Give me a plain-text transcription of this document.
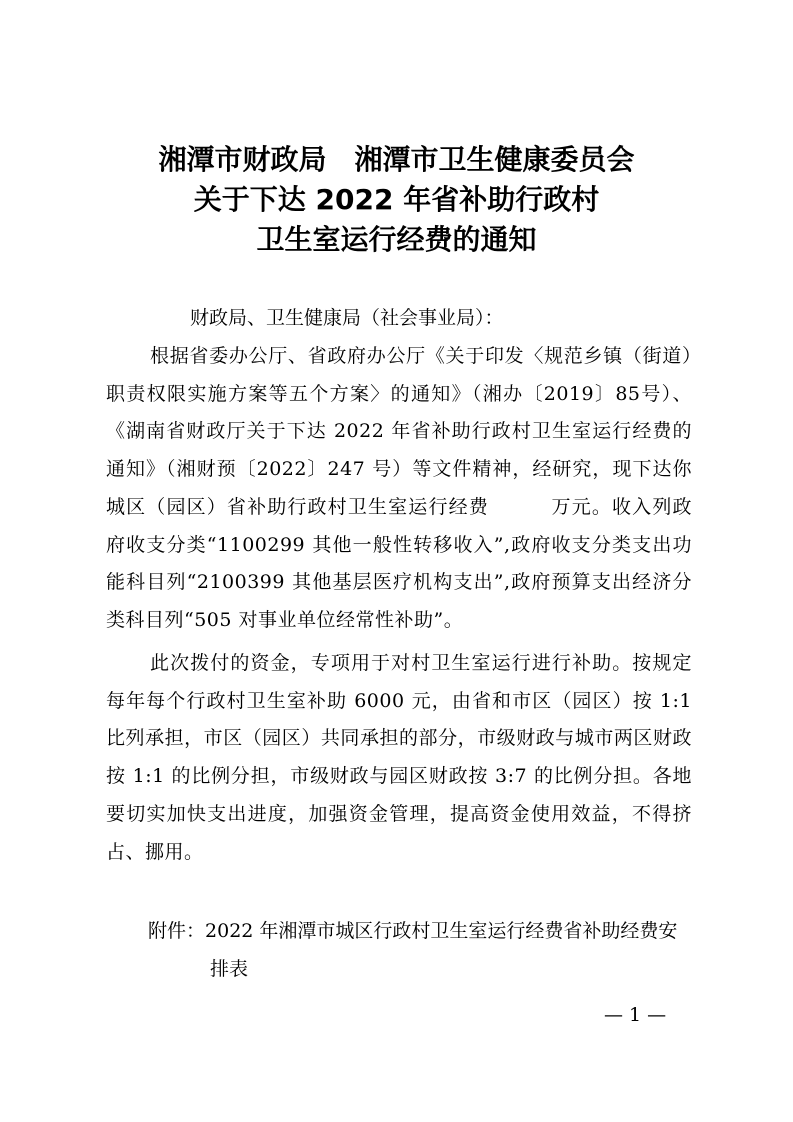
湘潭市财政局　湘潭市卫生健康委员会
关于下达 2022 年省补助行政村
卫生室运行经费的通知
财政局、卫生健康局（社会事业局）：

根据省委办公厅、省政府办公厅《关于印发〈规范乡镇（街道）职责权限实施方案等五个方案〉的通知》（湘办〔2019〕85号）、《湖南省财政厅关于下达 2022 年省补助行政村卫生室运行经费的通知》（湘财预〔2022〕247 号）等文件精神，经研究，现下达你城区（园区）省补助行政村卫生室运行经费	万元。收入列政府收支分类“1100299 其他一般性转移收入”,政府收支分类支出功能科目列“2100399 其他基层医疗机构支出”,政府预算支出经济分类科目列“505 对事业单位经常性补助”。

此次拨付的资金，专项用于对村卫生室运行进行补助。按规定每年每个行政村卫生室补助 6000 元，由省和市区（园区）按 1:1 比列承担，市区（园区）共同承担的部分，市级财政与城市两区财政按 1:1 的比例分担，市级财政与园区财政按 3:7 的比例分担。各地要切实加快支出进度，加强资金管理，提高资金使用效益，不得挤占、挪用。

附件：2022 年湘潭市城区行政村卫生室运行经费省补助经费安
排表
— 1 —
